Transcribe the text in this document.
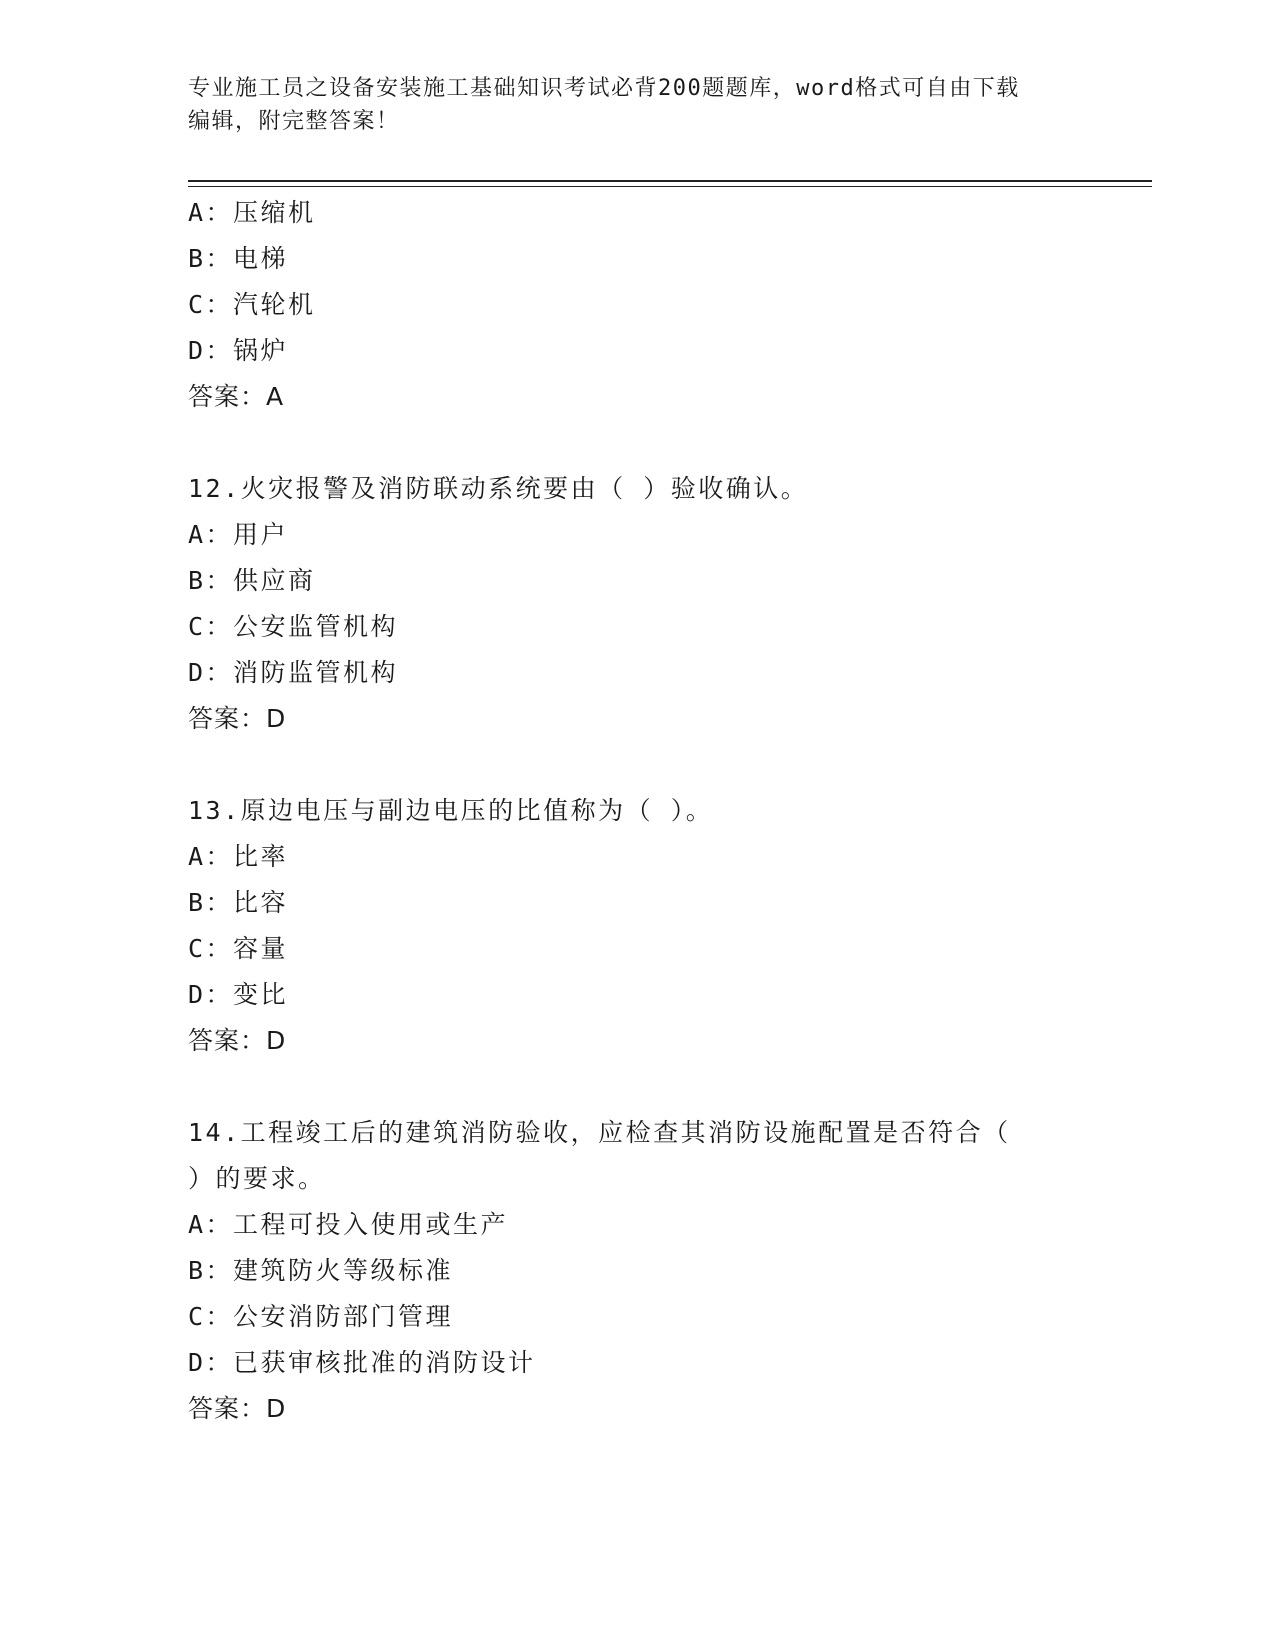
专业施工员之设备安装施工基础知识考试必背200题题库，word格式可自由下载
编辑，附完整答案！
A：压缩机
B：电梯
C：汽轮机
D：锅炉
答案：A
12.火灾报警及消防联动系统要由（ ）验收确认。
A：用户
B：供应商
C：公安监管机构
D：消防监管机构
答案：D
13.原边电压与副边电压的比值称为（ ）。
A：比率
B：比容
C：容量
D：变比
答案：D
14.工程竣工后的建筑消防验收，应检查其消防设施配置是否符合（
）的要求。
A：工程可投入使用或生产
B：建筑防火等级标准
C：公安消防部门管理
D：已获审核批准的消防设计
答案：D
